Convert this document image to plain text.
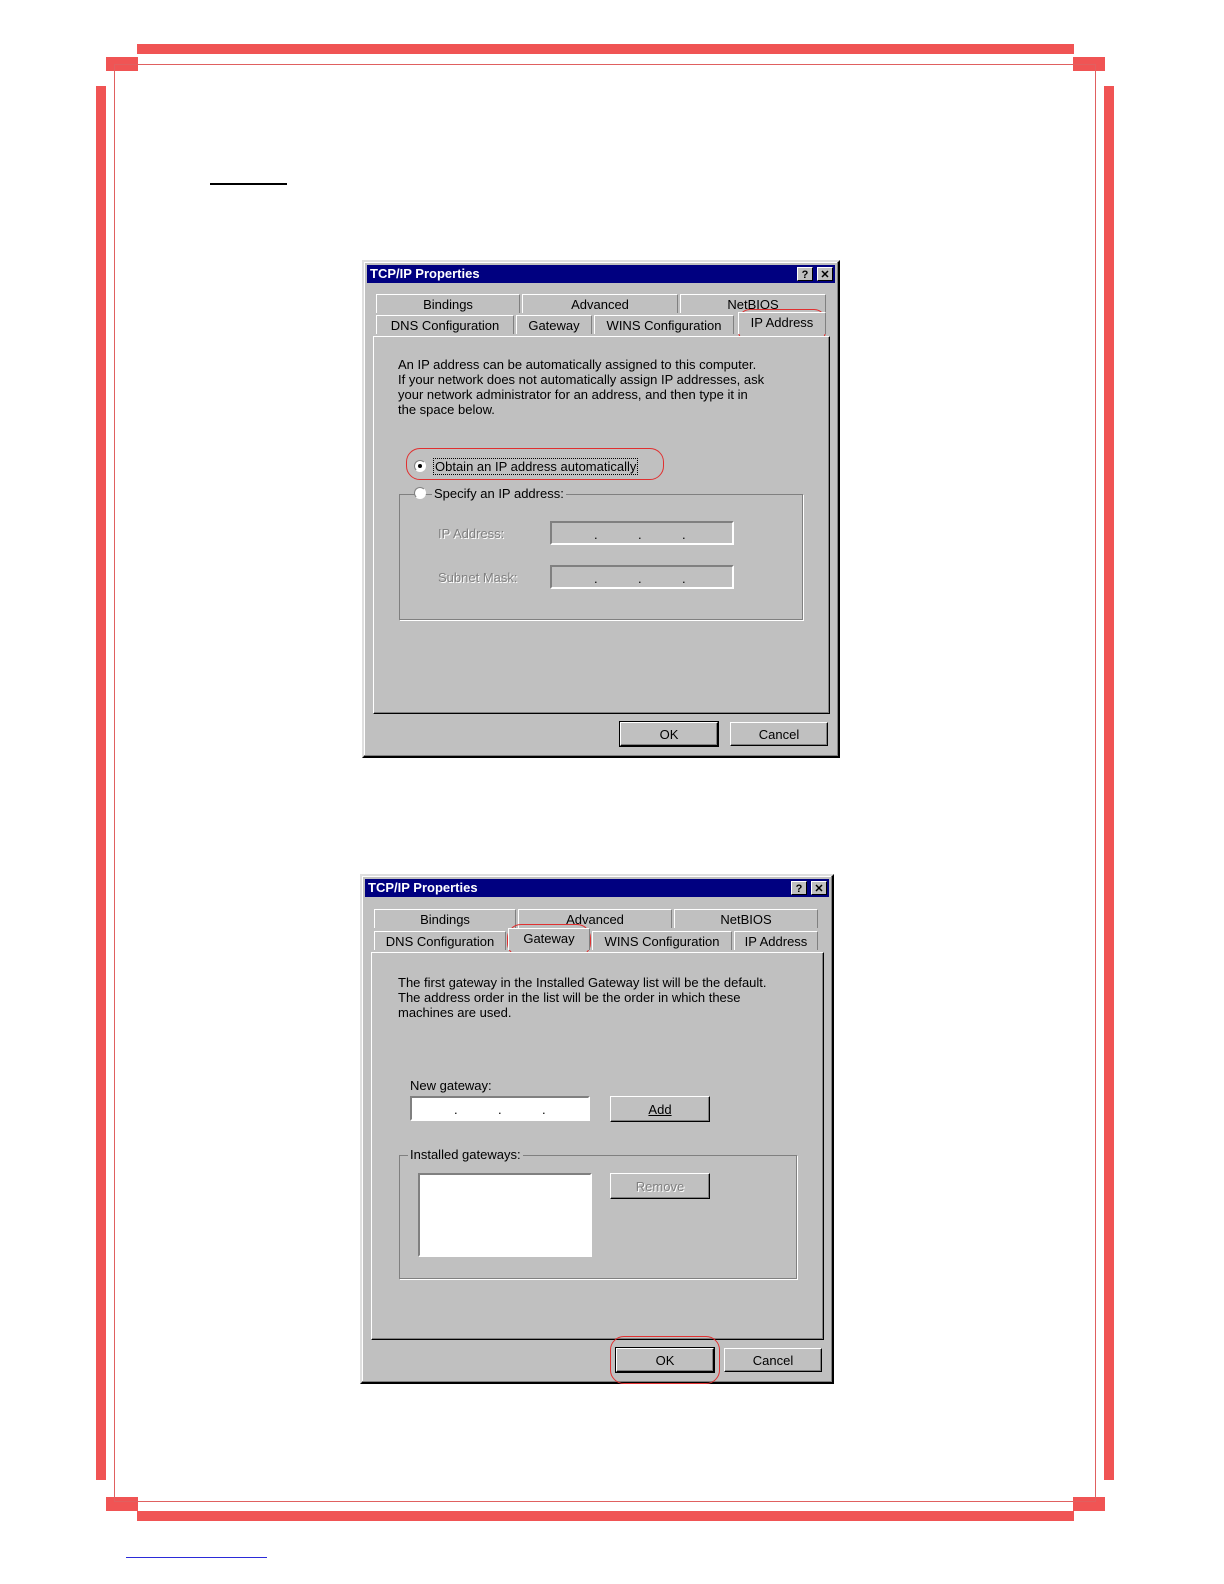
TCP/IP Properties	?	✕
Bindings	Advanced	NetBIOS
DNS Configuration	Gateway	WINS Configuration	IP Address
An IP address can be automatically assigned to this computer.
If your network does not automatically assign IP addresses, ask
your network administrator for an address, and then type it in
the space below.
Obtain an IP address automatically
Specify an IP address:
IP Address:	.	.	.
Subnet Mask:	.	.	.
OK	Cancel
TCP/IP Properties	?	✕
Bindings	Advanced	NetBIOS
DNS Configuration	Gateway	WINS Configuration	IP Address
The first gateway in the Installed Gateway list will be the default.
The address order in the list will be the order in which these
machines are used.
New gateway:
.	.	.	Add
Installed gateways:
Remove
OK	Cancel
